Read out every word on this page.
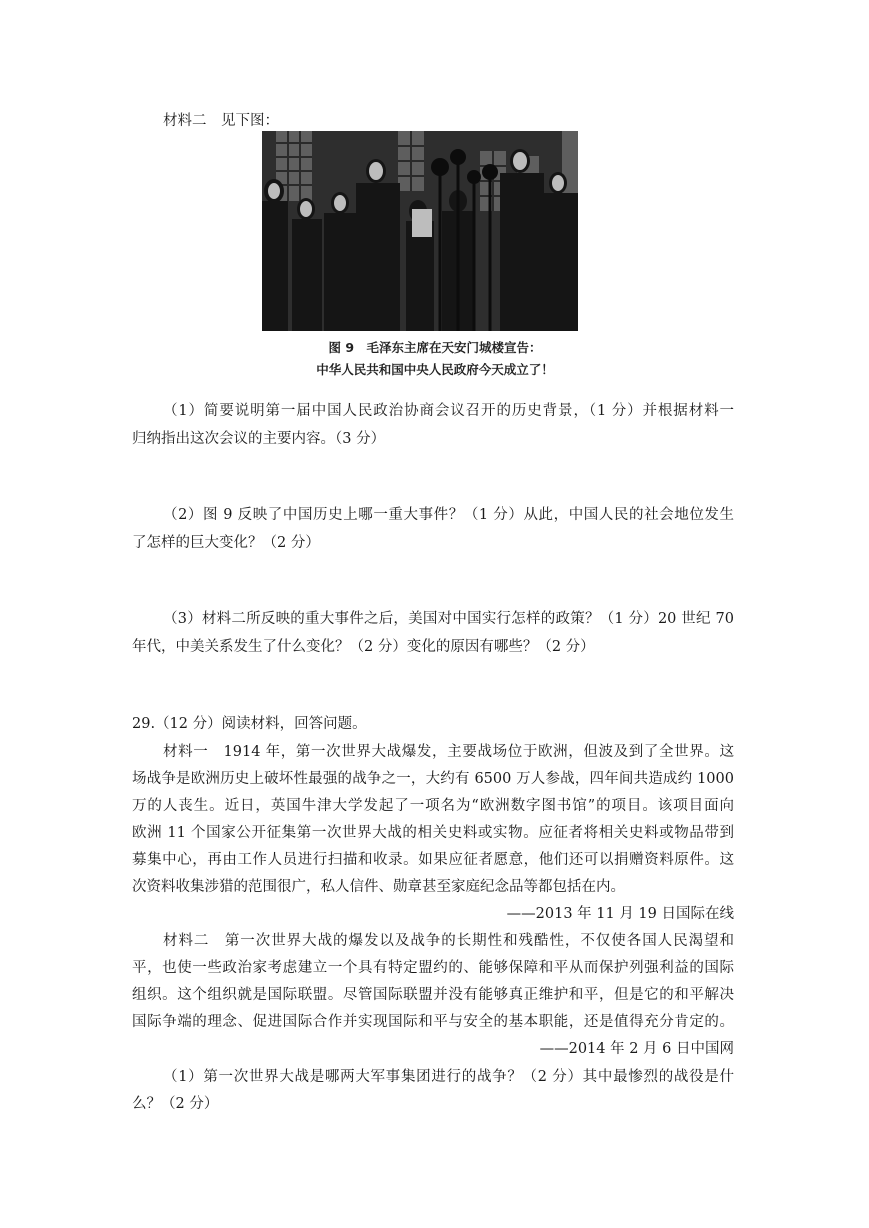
材料二　见下图：
图 9　毛泽东主席在天安门城楼宣告：
中华人民共和国中央人民政府今天成立了！
（1）简要说明第一届中国人民政治协商会议召开的历史背景，（1 分）并根据材料一
归纳指出这次会议的主要内容。（3 分）
（2）图 9 反映了中国历史上哪一重大事件？（1 分）从此，中国人民的社会地位发生
了怎样的巨大变化？（2 分）
（3）材料二所反映的重大事件之后，美国对中国实行怎样的政策？（1 分）20 世纪 70
年代，中美关系发生了什么变化？（2 分）变化的原因有哪些？（2 分）
29.（12 分）阅读材料，回答问题。
材料一　1914 年，第一次世界大战爆发，主要战场位于欧洲，但波及到了全世界。这
场战争是欧洲历史上破坏性最强的战争之一，大约有 6500 万人参战，四年间共造成约 1000
万的人丧生。近日，英国牛津大学发起了一项名为“欧洲数字图书馆”的项目。该项目面向
欧洲 11 个国家公开征集第一次世界大战的相关史料或实物。应征者将相关史料或物品带到
募集中心，再由工作人员进行扫描和收录。如果应征者愿意，他们还可以捐赠资料原件。这
次资料收集涉猎的范围很广，私人信件、勋章甚至家庭纪念品等都包括在内。
——2013 年 11 月 19 日国际在线
材料二　第一次世界大战的爆发以及战争的长期性和残酷性，不仅使各国人民渴望和
平，也使一些政治家考虑建立一个具有特定盟约的、能够保障和平从而保护列强利益的国际
组织。这个组织就是国际联盟。尽管国际联盟并没有能够真正维护和平，但是它的和平解决
国际争端的理念、促进国际合作并实现国际和平与安全的基本职能，还是值得充分肯定的。
——2014 年 2 月 6 日中国网
（1）第一次世界大战是哪两大军事集团进行的战争？（2 分）其中最惨烈的战役是什
么？（2 分）
